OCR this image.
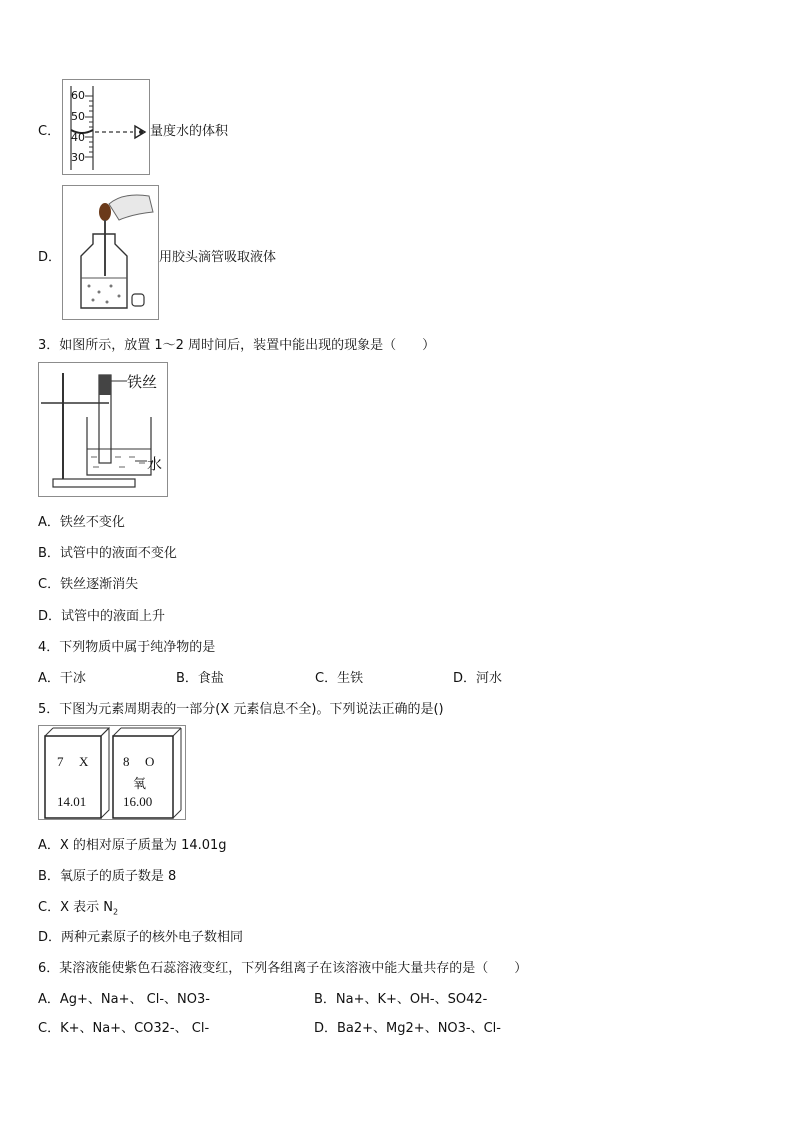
C．
60
50
40
30
量度水的体积
D．	用胶头滴管吸取液体
3．如图所示，放置 1～2 周时间后，装置中能出现的现象是（　　）
铁丝
水
A．铁丝不变化
B．试管中的液面不变化
C．铁丝逐渐消失
D．试管中的液面上升
4．下列物质中属于纯净物的是
A．干冰	B．食盐	C．生铁	D．河水
5．下图为元素周期表的一部分(X 元素信息不全)。下列说法正确的是()
7 X
14.01
8 O
氧
16.00
A．X 的相对原子质量为 14.01g
B．氧原子的质子数是 8
C．X 表示 $N_2$
D．两种元素原子的核外电子数相同
6．某溶液能使紫色石蕊溶液变红，下列各组离子在该溶液中能大量共存的是（　　）
A．Ag+、Na+、 Cl-、NO3-	B．Na+、K+、OH-、SO42-
C．K+、Na+、CO32-、 Cl-	D．Ba2+、Mg2+、NO3-、Cl-
